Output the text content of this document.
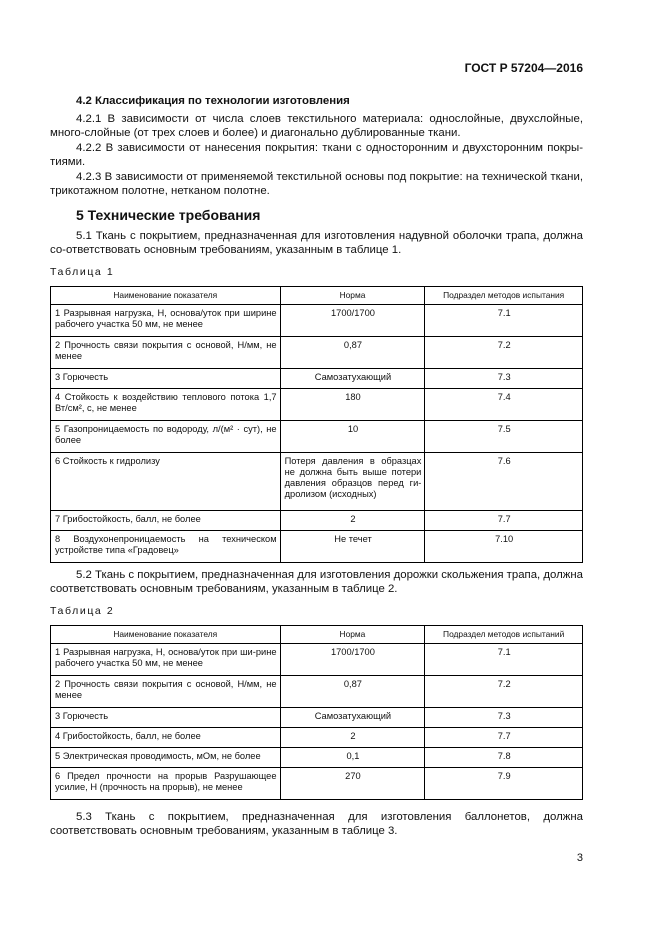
ГОСТ Р 57204—2016
4.2 Классификация по технологии изготовления

4.2.1 В зависимости от числа слоев текстильного материала: однослойные, двухслойные, много-слойные (от трех слоев и более) и диагонально дублированные ткани.

4.2.2 В зависимости от нанесения покрытия: ткани с односторонним и двухсторонним покры-тиями.

4.2.3 В зависимости от применяемой текстильной основы под покрытие: на технической ткани, трикотажном полотне, нетканом полотне.

5 Технические требования

5.1 Ткань с покрытием, предназначенная для изготовления надувной оболочки трапа, должна со-ответствовать основным требованиям, указанным в таблице 1.

Таблица 1
Наименование показателя	Норма	Подраздел методов испытания
1 Разрывная нагрузка, Н, основа/уток при ширине рабочего участка 50 мм, не менее	1700/1700	7.1
2 Прочность связи покрытия с основой, Н/мм, не менее	0,87	7.2
3 Горючесть	Самозатухающий	7.3
4 Стойкость к воздействию теплового потока 1,7 Вт/см², с, не менее	180	7.4
5 Газопроницаемость по водороду, л/(м² · сут), не более	10	7.5
6 Стойкость к гидролизу	Потеря давления в образцах не должна быть выше потери давления образцов перед ги-дролизом (исходных)	7.6
7 Грибостойкость, балл, не более	2	7.7
8 Воздухонепроницаемость на техническом устройстве типа «Градовец»	Не течет	7.10

5.2 Ткань с покрытием, предназначенная для изготовления дорожки скольжения трапа, должна соответствовать основным требованиям, указанным в таблице 2.

Таблица 2
Наименование показателя	Норма	Подраздел методов испытаний
1 Разрывная нагрузка, Н, основа/уток при ши-рине рабочего участка 50 мм, не менее	1700/1700	7.1
2 Прочность связи покрытия с основой, Н/мм, не менее	0,87	7.2
3 Горючесть	Самозатухающий	7.3
4 Грибостойкость, балл, не более	2	7.7
5 Электрическая проводимость, мОм, не более	0,1	7.8
6 Предел прочности на прорыв Разрушающее усилие, Н (прочность на прорыв), не менее	270	7.9

5.3 Ткань с покрытием, предназначенная для изготовления баллонетов, должна соответствовать основным требованиям, указанным в таблице 3.

3
